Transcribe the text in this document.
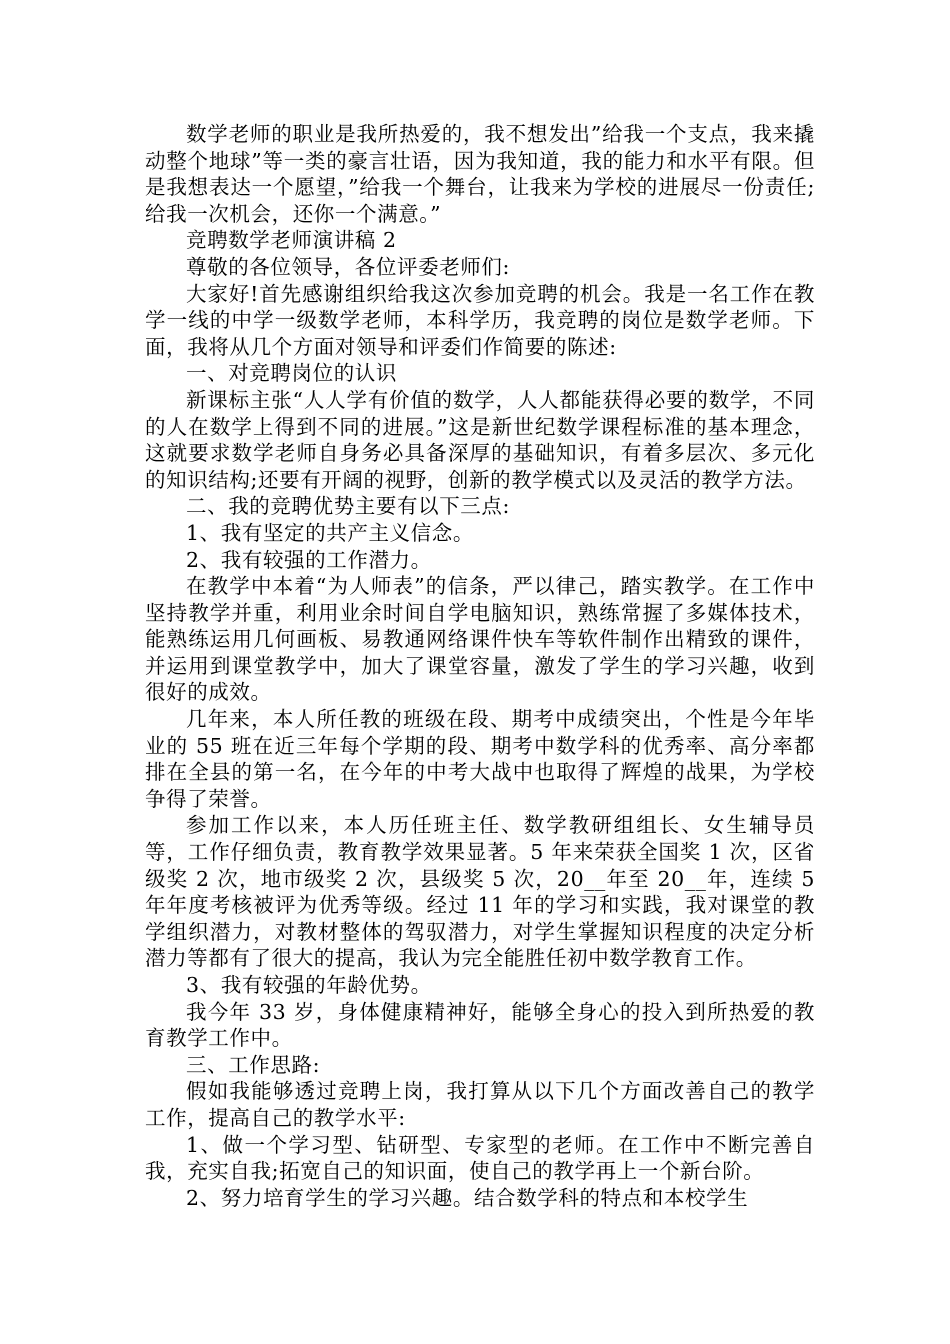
数学老师的职业是我所热爱的，我不想发出”给我一个支点，我来撬动整个地球”等一类的豪言壮语，因为我知道，我的能力和水平有限。但是我想表达一个愿望，”给我一个舞台，让我来为学校的进展尽一份责任;给我一次机会，还你一个满意。”

竞聘数学老师演讲稿 2

尊敬的各位领导，各位评委老师们:

大家好!首先感谢组织给我这次参加竞聘的机会。我是一名工作在教学一线的中学一级数学老师，本科学历，我竞聘的岗位是数学老师。下面，我将从几个方面对领导和评委们作简要的陈述:

一、对竞聘岗位的认识

新课标主张“人人学有价值的数学，人人都能获得必要的数学，不同的人在数学上得到不同的进展。”这是新世纪数学课程标准的基本理念，这就要求数学老师自身务必具备深厚的基础知识，有着多层次、多元化的知识结构;还要有开阔的视野，创新的教学模式以及灵活的教学方法。

二、我的竞聘优势主要有以下三点:

1、我有坚定的共产主义信念。

2、我有较强的工作潜力。

在教学中本着“为人师表”的信条，严以律己，踏实教学。在工作中坚持教学并重，利用业余时间自学电脑知识，熟练常握了多媒体技术，能熟练运用几何画板、易教通网络课件快车等软件制作出精致的课件，并运用到课堂教学中，加大了课堂容量，激发了学生的学习兴趣，收到很好的成效。

几年来，本人所任教的班级在段、期考中成绩突出，个性是今年毕业的 55 班在近三年每个学期的段、期考中数学科的优秀率、高分率都排在全县的第一名，在今年的中考大战中也取得了辉煌的战果，为学校争得了荣誉。

参加工作以来，本人历任班主任、数学教研组组长、女生辅导员等，工作仔细负责，教育教学效果显著。5 年来荣获全国奖 1 次，区省级奖 2 次，地市级奖 2 次，县级奖 5 次，20__年至 20__年，连续 5 年年度考核被评为优秀等级。经过 11 年的学习和实践，我对课堂的教学组织潜力，对教材整体的驾驭潜力，对学生掌握知识程度的决定分析潜力等都有了很大的提高，我认为完全能胜任初中数学教育工作。

3、我有较强的年龄优势。

我今年 33 岁，身体健康精神好，能够全身心的投入到所热爱的教育教学工作中。

三、工作思路:

假如我能够透过竞聘上岗，我打算从以下几个方面改善自己的教学工作，提高自己的教学水平:

1、做一个学习型、钻研型、专家型的老师。在工作中不断完善自我，充实自我;拓宽自己的知识面，使自己的教学再上一个新台阶。

2、努力培育学生的学习兴趣。结合数学科的特点和本校学生
